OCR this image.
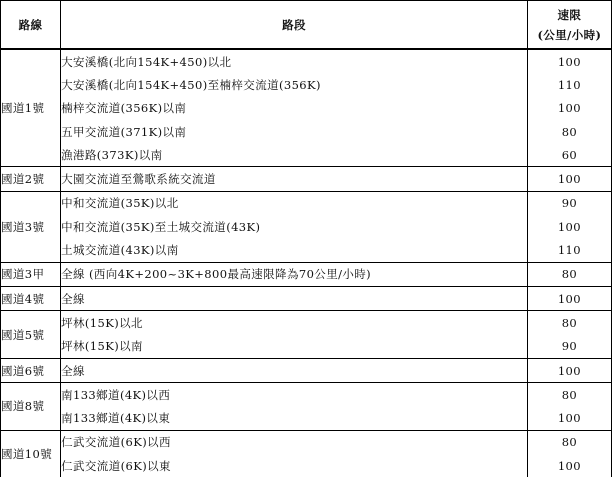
路線	路段	速限
(公里/小時)

國道1號	大安溪橋(北向154K+450)以北	100
	大安溪橋(北向154K+450)至楠梓交流道(356K)	110
	楠梓交流道(356K)以南	100
	五甲交流道(371K)以南	80
	漁港路(373K)以南	60
國道2號	大園交流道至鶯歌系統交流道	100
國道3號	中和交流道(35K)以北	90
	中和交流道(35K)至土城交流道(43K)	100
	土城交流道(43K)以南	110
國道3甲	全線 (西向4K+200~3K+800最高速限降為70公里/小時)	80
國道4號	全線	100
國道5號	坪林(15K)以北	80
	坪林(15K)以南	90
國道6號	全線	100
國道8號	南133鄉道(4K)以西	80
	南133鄉道(4K)以東	100
國道10號	仁武交流道(6K)以西	80
	仁武交流道(6K)以東	100
